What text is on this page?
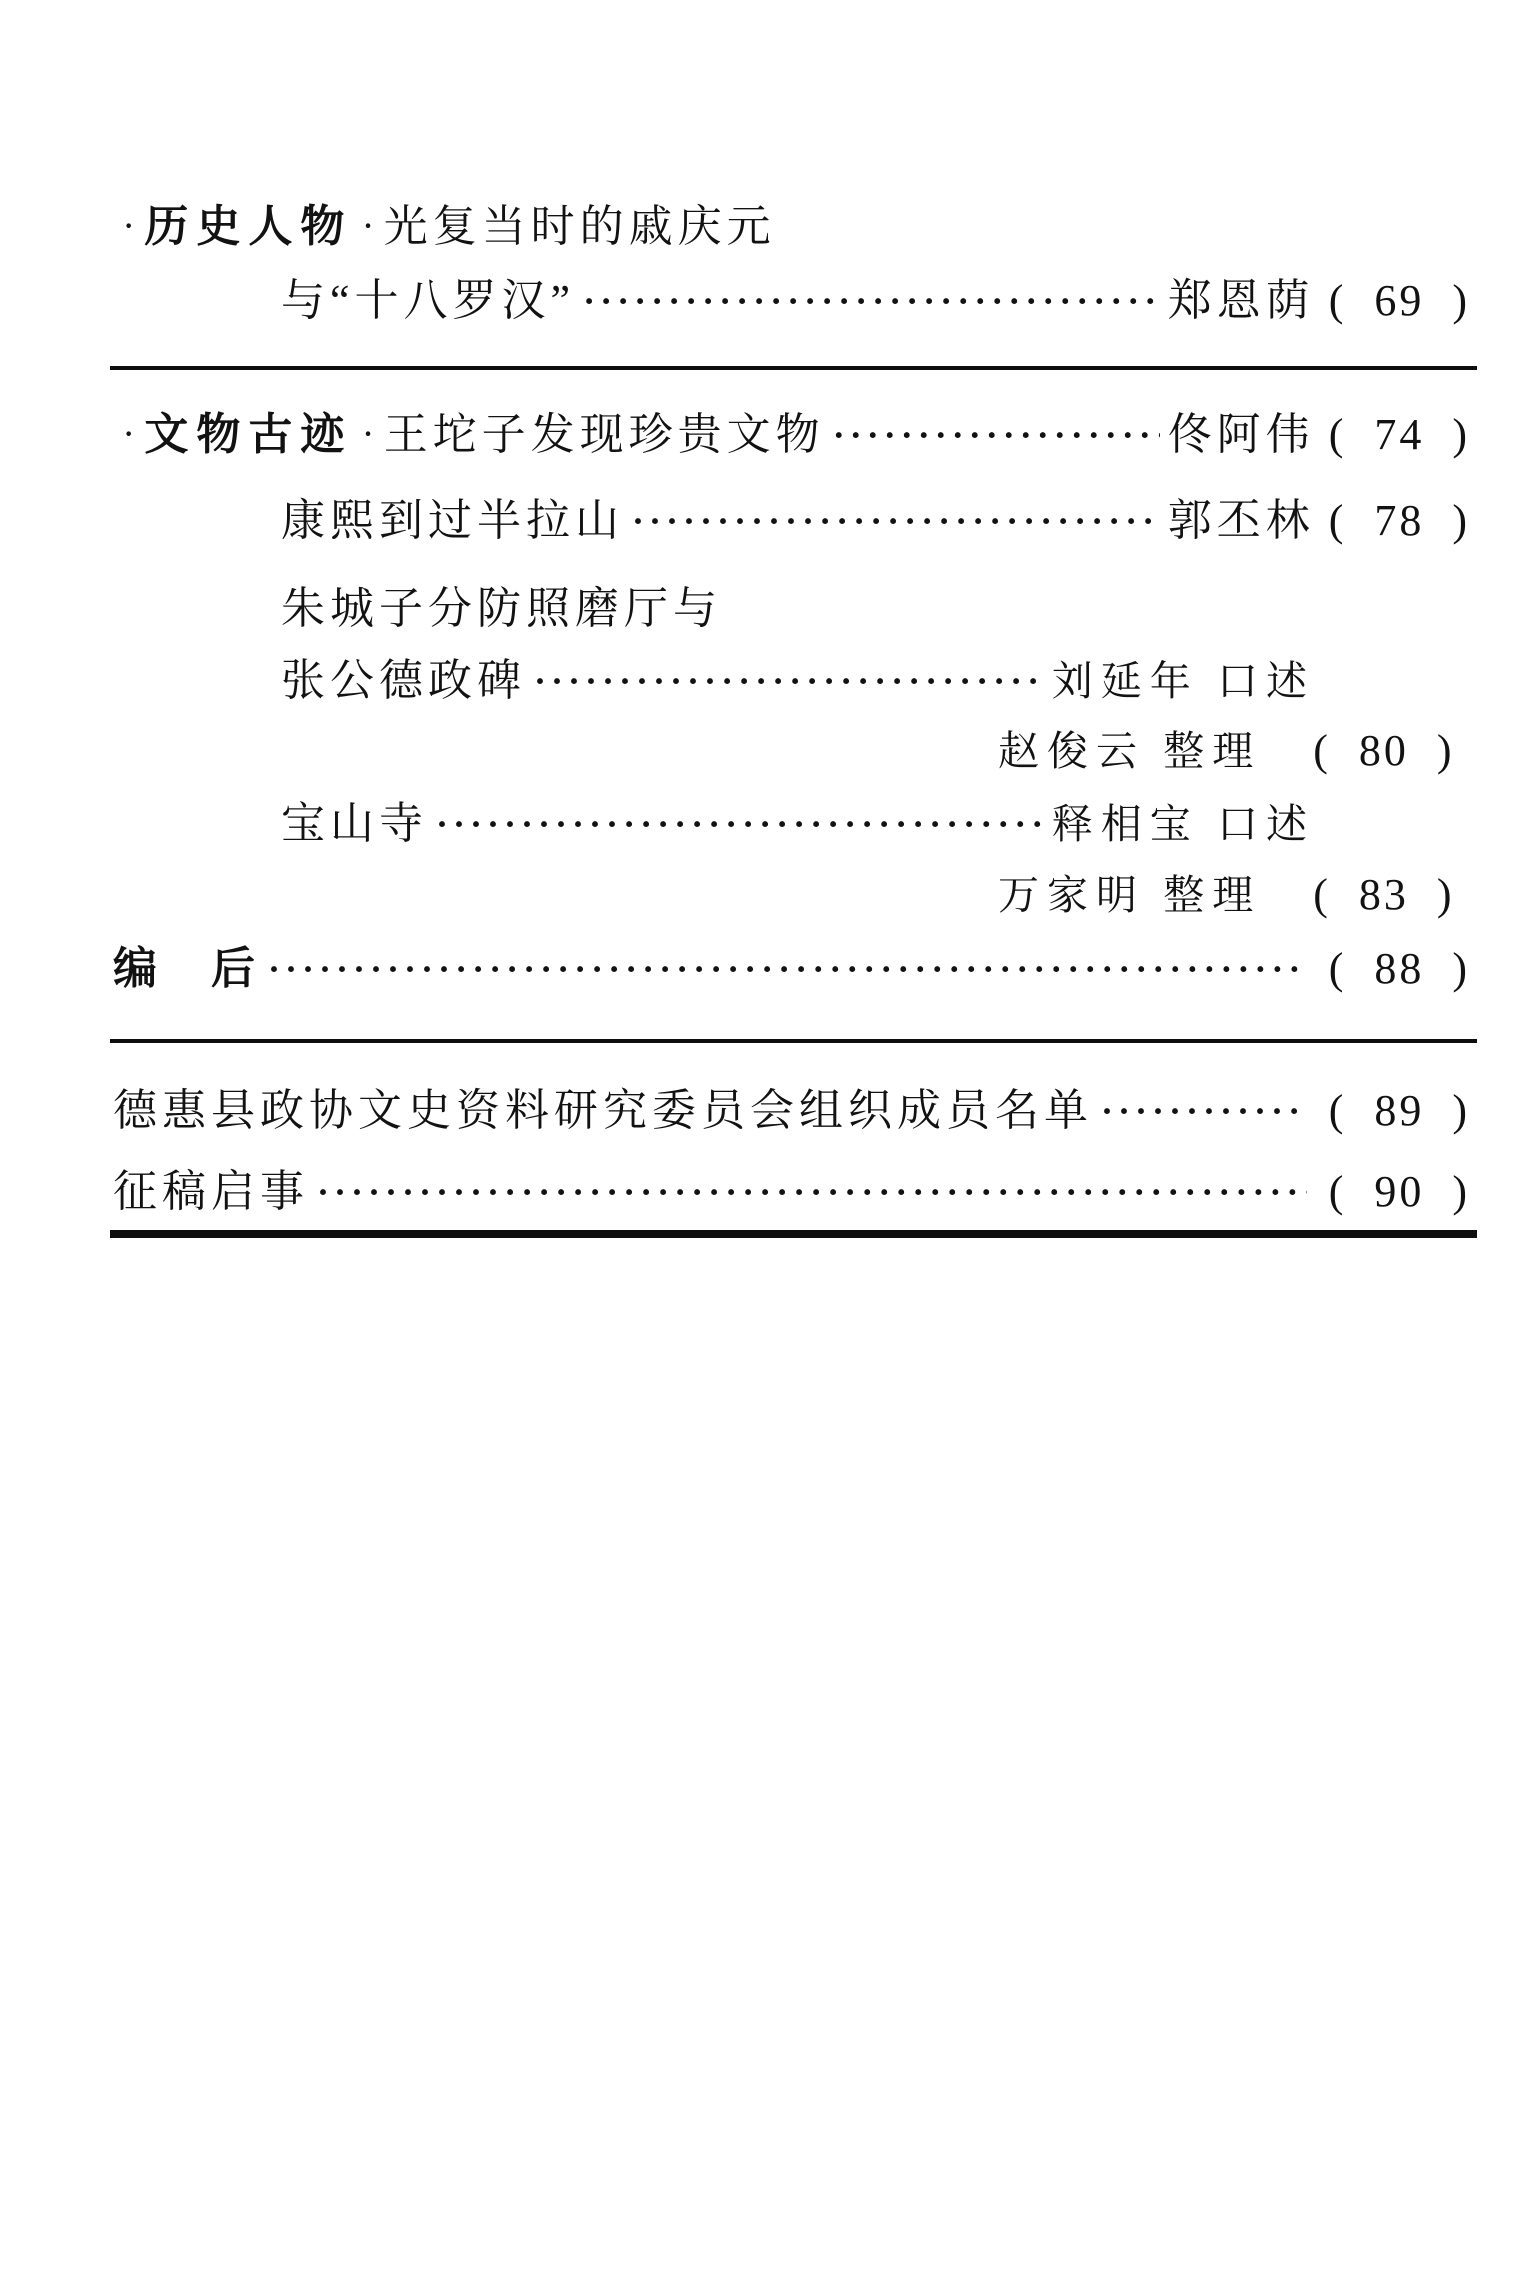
· 历史人物 · 光复当时的戚庆元
与“十八罗汉” ·····	郑恩荫 (  69  )
· 文物古迹 · 王坨子发现珍贵文物 ·····	佟阿伟 (  74  )
康熙到过半拉山 ·····	郭丕林 (  78  )
朱城子分防照磨厅与
张公德政碑 ·····	刘延年 口述
赵俊云 整理 (  80  )
宝山寺 ·····	释相宝 口述
万家明 整理 (  83  )
编　后 ·····	(  88  )
德惠县政协文史资料研究委员会组织成员名单 ·····	(  89  )
征稿启事 ·····	(  90  )
